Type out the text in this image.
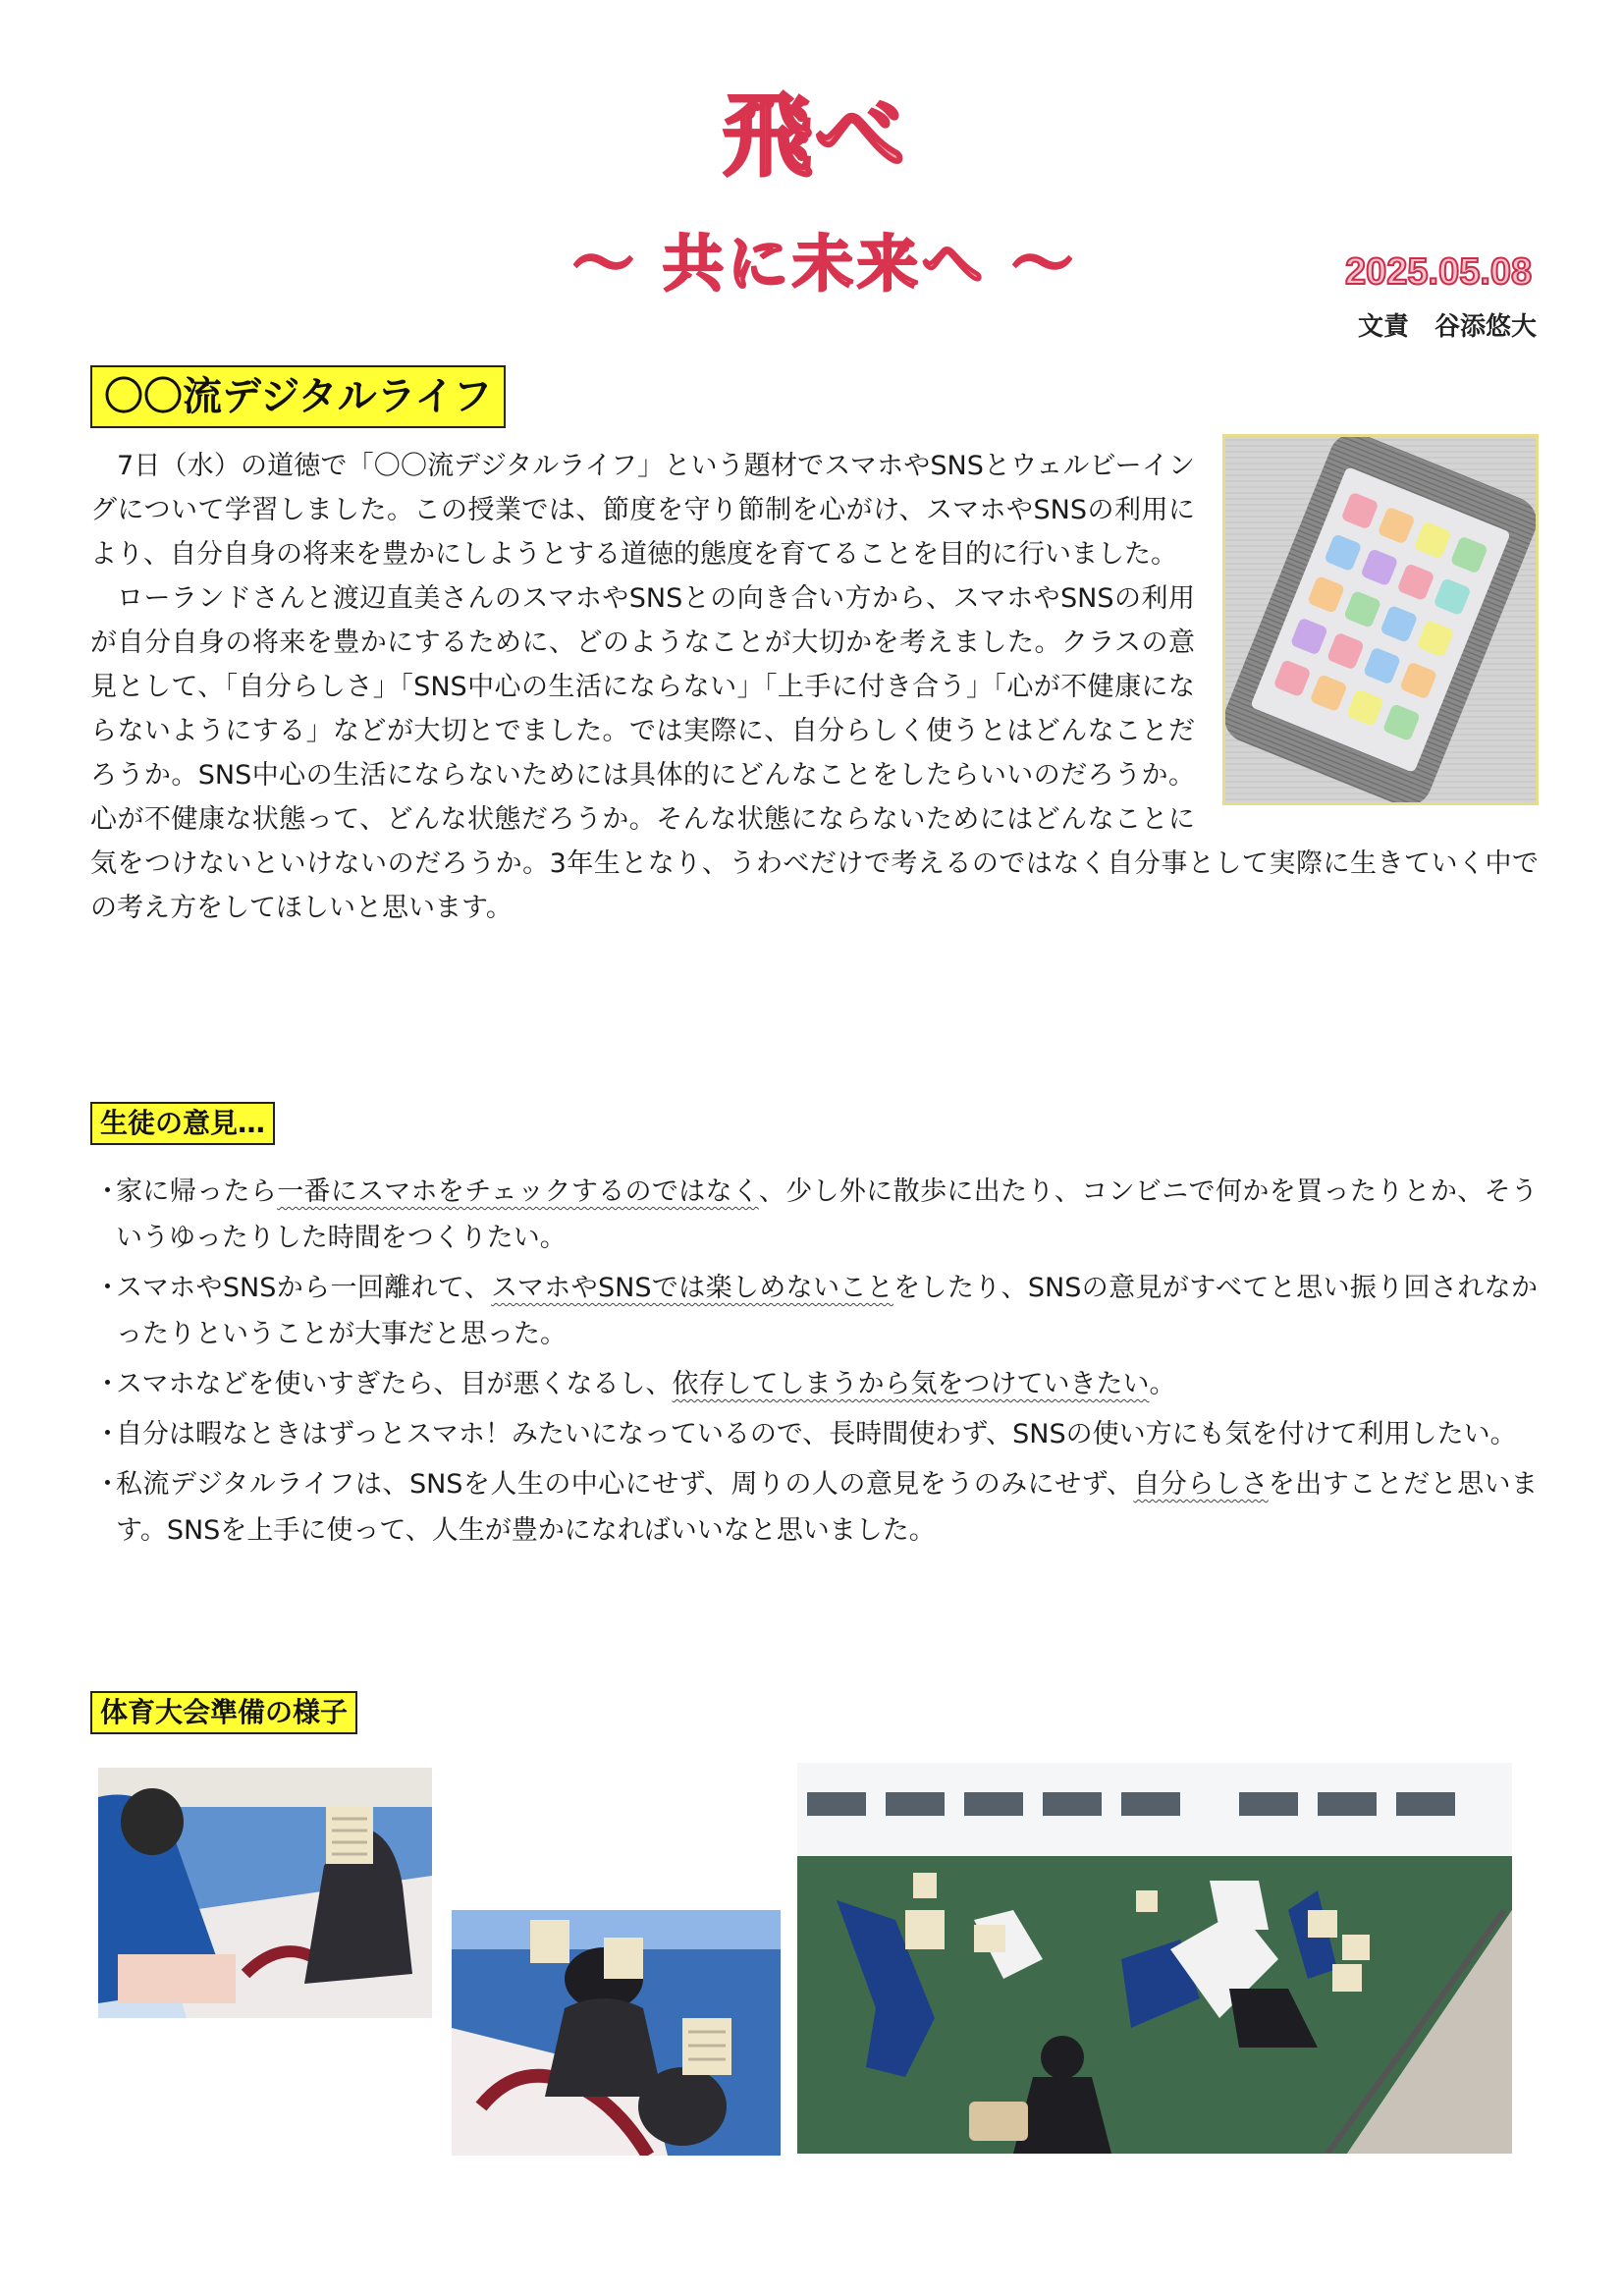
飛べ
〜 共に未来へ 〜	2025.05.08
文責　谷添悠大
〇〇流デジタルライフ

7日（水）の道徳で「〇〇流デジタルライフ」という題材でスマホやSNSとウェルビーイングについて学習しました。この授業では、節度を守り節制を心がけ、スマホやSNSの利用により、自分自身の将来を豊かにしようとする道徳的態度を育てることを目的に行いました。

ローランドさんと渡辺直美さんのスマホやSNSとの向き合い方から、スマホやSNSの利用が自分自身の将来を豊かにするために、どのようなことが大切かを考えました。クラスの意見として、「自分らしさ」「SNS中心の生活にならない」「上手に付き合う」「心が不健康にならないようにする」などが大切とでました。では実際に、自分らしく使うとはどんなことだろうか。SNS中心の生活にならないためには具体的にどんなことをしたらいいのだろうか。心が不健康な状態って、どんな状態だろうか。そんな状態にならないためにはどんなことに気をつけないといけないのだろうか。3年生となり、うわべだけで考えるのではなく自分事として実際に生きていく中での考え方をしてほしいと思います。

生徒の意見…
・
家に帰ったら一番にスマホをチェックするのではなく、少し外に散歩に出たり、コンビニで何かを買ったりとか、そういうゆったりした時間をつくりたい。
・
スマホやSNSから一回離れて、スマホやSNSでは楽しめないことをしたり、SNSの意見がすべてと思い振り回されなかったりということが大事だと思った。
・
スマホなどを使いすぎたら、目が悪くなるし、依存してしまうから気をつけていきたい。
・
自分は暇なときはずっとスマホ！みたいになっているので、長時間使わず、SNSの使い方にも気を付けて利用したい。
・
私流デジタルライフは、SNSを人生の中心にせず、周りの人の意見をうのみにせず、自分らしさを出すことだと思います。SNSを上手に使って、人生が豊かになればいいなと思いました。
体育大会準備の様子
